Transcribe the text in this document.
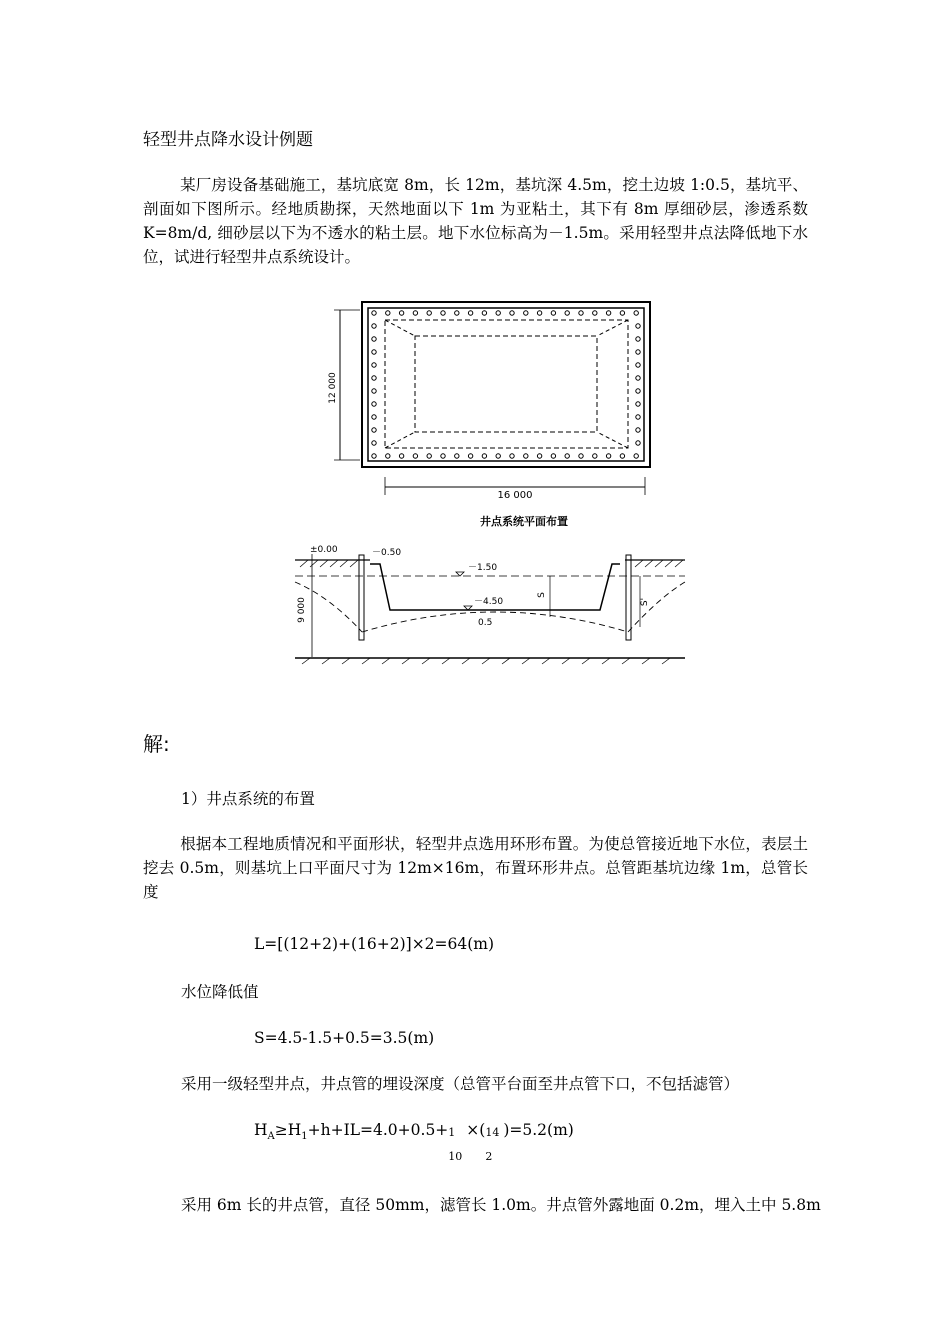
轻型井点降水设计例题
某厂房设备基础施工，基坑底宽 8m，长 12m，基坑深 4.5m，挖土边坡 1:0.5，基坑平、剖面如下图所示。经地质勘探，天然地面以下 1m 为亚粘土，其下有 8m 厚细砂层，渗透系数 K=8m/d, 细砂层以下为不透水的粘土层。地下水位标高为－1.5m。采用轻型井点法降低地下水位，试进行轻型井点系统设计。
12 000
16 000
井点系统平面布置
±0.00	－0.50
－1.50
－4.50
0.5
9 000
S
S'
解:
1）井点系统的布置
根据本工程地质情况和平面形状，轻型井点选用环形布置。为使总管接近地下水位，表层土挖去 0.5m，则基坑上口平面尺寸为 12m×16m，布置环形井点。总管距基坑边缘 1m，总管长度
L=[(12+2)+(16+2)]×2=64(m)
水位降低值
S=4.5-1.5+0.5=3.5(m)
采用一级轻型井点，井点管的埋设深度（总管平台面至井点管下口，不包括滤管）
$H_A\ge H_1+h+IL=4.0+0.5+ 1$
10
×( 14
2
)=5.2(m)
采用 6m 长的井点管，直径 50mm，滤管长 1.0m。井点管外露地面 0.2m，埋入土中 5.8m
